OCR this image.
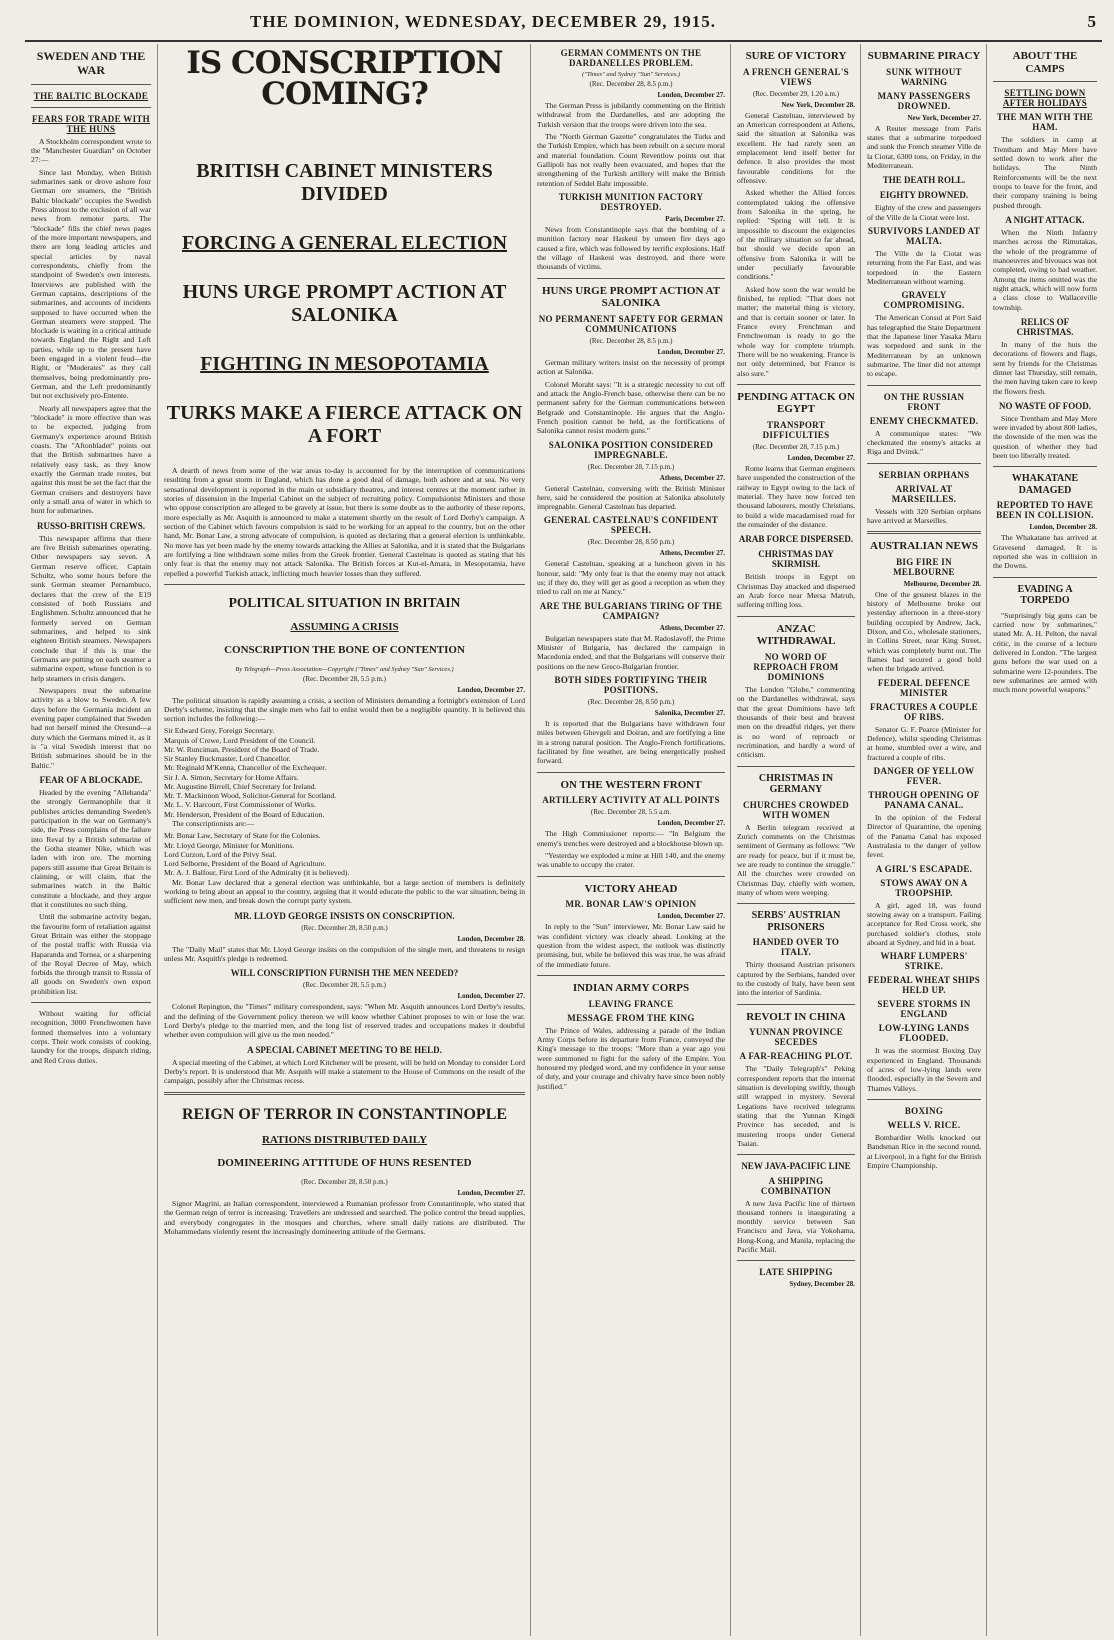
THE DOMINION, WEDNESDAY, DECEMBER 29, 1915.	5
SWEDEN AND THE WAR
THE BALTIC BLOCKADE
FEARS FOR TRADE WITH THE HUNS

A Stockholm correspondent wrote to the "Manchester Guardian" on October 27:—

Since last Monday, when British submarines sank or drove ashore four German ore steamers, the "British Baltic blockade" occupies the Swedish Press almost to the exclusion of all war news from remoter parts. The "blockade" fills the chief news pages of the more important newspapers, and there are long leading articles and special articles by naval correspondents, chiefly from the standpoint of Sweden's own interests. Interviews are published with the German captains, descriptions of the submarines, and accounts of incidents supposed to have occurred when the German steamers were stopped. The blockade is waiting in a critical attitude towards England the Right and Left parties, while up to the present have been engaged in a violent feud—the Right, or "Moderates" as they call themselves, being predominantly pro-German, and the Left predominantly but not exclusively pro-Entente.

Nearly all newspapers agree that the "blockade" is more effective than was to be expected, judging from Germany's experience around British coasts. The "Aftonbladet" points out that the British submarines have a relatively easy task, as they know exactly the German trade routes, but against this must be set the fact that the German cruisers and destroyers have only a small area of water in which to hunt for submarines.

RUSSO-BRITISH CREWS.

This newspaper affirms that there are five British submarines operating. Other newspapers say seven. A German reserve officer, Captain Schultz, who some hours before the sunk German steamer Pernambuco, declares that the crew of the E19 consisted of both Russians and Englishmen. Schultz announced that he formerly served on German submarines, and helped to sink eighteen British steamers. Newspapers conclude that if this is true the Germans are putting on each steamer a submarine expert, whose function is to help steamers in crisis dangers.

Newspapers treat the submarine activity as a blow to Sweden. A few days before the Germania incident an evening paper complained that Sweden had not herself mined the Oresund—a duty which the Germans mined it, as it is "a vital Swedish interest that no British submarines should be in the Baltic."

FEAR OF A BLOCKADE.

Headed by the evening "Allehanda" the strongly Germanophile that it publishes articles demanding Sweden's participation in the war on Germany's side, the Press complains of the failure into Reval by a British submarine of the Gotha steamer Nike, which was laden with iron ore. The morning papers still assume that Great Britain is claiming, or will claim, that the submarines watch in the Baltic constitute a blockade, and they argue that it constitutes no such thing.

Until the submarine activity began, the favourite form of retaliation against Great Britain was either the stoppage of the postal traffic with Russia via Haparanda and Tornea, or a sharpening of the Royal Decree of May, which forbids the through transit to Russia of all goods on Sweden's own export prohibition list.

Without waiting for official recognition, 3000 Frenchwomen have formed themselves into a voluntary corps. Their work consists of cooking, laundry for the troops, dispatch riding, and Red Cross duties.

IS CONSCRIPTION COMING?
BRITISH CABINET MINISTERS DIVIDED
FORCING A GENERAL ELECTION
HUNS URGE PROMPT ACTION AT SALONIKA
FIGHTING IN MESOPOTAMIA
TURKS MAKE A FIERCE ATTACK ON A FORT

A dearth of news from some of the war areas to-day is accounted for by the interruption of communications resulting from a great storm in England, which has done a good deal of damage, both ashore and at sea. No very sensational development is reported in the main or subsidiary theatres, and interest centres at the moment rather in stories of dissension in the Imperial Cabinet on the subject of recruiting policy. Compulsionist Ministers and those who oppose conscription are alleged to be gravely at issue, but there is some doubt as to the authority of these reports, more especially as Mr. Asquith is announced to make a statement shortly on the result of Lord Derby's campaign. A section of the Cabinet which favours compulsion is said to be working for an appeal to the country, but on the other hand, Mr. Bonar Law, a strong advocate of compulsion, is quoted as declaring that a general election is unthinkable. No move has yet been made by the enemy towards attacking the Allies at Salonika, and it is stated that the Bulgarians are fortifying a line withdrawn some miles from the Greek frontier. General Castelnau is quoted as stating that his only fear is that the enemy may not attack Salonika. The British forces at Kut-el-Amara, in Mesopotamia, have repelled a powerful Turkish attack, inflicting much heavier losses than they suffered.

POLITICAL SITUATION IN BRITAIN
ASSUMING A CRISIS
CONSCRIPTION THE BONE OF CONTENTION
By Telegraph—Press Association—Copyright ("Times" and Sydney "Sun" Services.)
(Rec. December 28, 5.5 p.m.)
London, December 27.

The political situation is rapidly assuming a crisis, a section of Ministers demanding a fortnight's extension of Lord Derby's scheme, insisting that the single men who fail to enlist would then be a negligible quantity. It is believed this section includes the following:—

Sir Edward Grey, Foreign Secretary.

Marquis of Crewe, Lord President of the Council.

Mr. W. Runciman, President of the Board of Trade.

Sir Stanley Buckmaster, Lord Chancellor.

Mr. Reginald M'Kenna, Chancellor of the Exchequer.

Sir J. A. Simon, Secretary for Home Affairs.

Mr. Augustine Birrell, Chief Secretary for Ireland.

Mr. T. Mackinnon Wood, Solicitor-General for Scotland.

Mr. L. V. Harcourt, First Commissioner of Works.

Mr. Henderson, President of the Board of Education.

The conscriptionists are:—

Mr. Bonar Law, Secretary of State for the Colonies.

Mr. Lloyd George, Minister for Munitions.

Lord Curzon, Lord of the Privy Seal.

Lord Selborne, President of the Board of Agriculture.

Mr. A. J. Balfour, First Lord of the Admiralty (it is believed).

Mr. Bonar Law declared that a general election was unthinkable, but a large section of members is definitely working to bring about an appeal to the country, arguing that it would educate the public to the war situation, being in sufficient new men, and break down the corrupt party system.

MR. LLOYD GEORGE INSISTS ON CONSCRIPTION.
(Rec. December 28, 8.50 p.m.)
London, December 28.

The "Daily Mail" states that Mr. Lloyd George insists on the compulsion of the single men, and threatens to resign unless Mr. Asquith's pledge is redeemed.

WILL CONSCRIPTION FURNISH THE MEN NEEDED?
(Rec. December 28, 5.5 p.m.)
London, December 27.

Colonel Repington, the "Times'" military correspondent, says: "When Mr. Asquith announces Lord Derby's results, and the defining of the Government policy thereon we will know whether Cabinet proposes to win or lose the war. Lord Derby's pledge to the married men, and the long list of reserved trades and occupations makes it doubtful whether even compulsion will give us the men needed."

A SPECIAL CABINET MEETING TO BE HELD.

A special meeting of the Cabinet, at which Lord Kitchener will be present, will be held on Monday to consider Lord Derby's report. It is understood that Mr. Asquith will make a statement to the House of Commons on the result of the campaign, possibly after the Christmas recess.

REIGN OF TERROR IN CONSTANTINOPLE
RATIONS DISTRIBUTED DAILY
DOMINEERING ATTITUDE OF HUNS RESENTED
(Rec. December 28, 8.50 p.m.)
London, December 27.

Signor Magrini, an Italian correspondent, interviewed a Rumanian professor from Constantinople, who stated that the German reign of terror is increasing. Travellers are undressed and searched. The police control the bread supplies, and everybody congregates in the mosques and churches, where small daily rations are distributed. The Mohammedans violently resent the increasingly domineering attitude of the Germans.

GERMAN COMMENTS ON THE DARDANELLES PROBLEM.
("Times" and Sydney "Sun" Services.)
(Rec. December 28, 8.5 p.m.)
London, December 27.

The German Press is jubilantly commenting on the British withdrawal from the Dardanelles, and are adopting the Turkish version that the troops were driven into the sea.

The "North German Gazette" congratulates the Turks and the Turkish Empire, which has been rebuilt on a secure moral and material foundation. Count Reventlow points out that Gallipoli has not really been evacuated, and hopes that the strengthening of the Turkish artillery will make the British retention of Seddel Bahr impossible.

TURKISH MUNITION FACTORY DESTROYED.
Paris, December 27.

News from Constantinople says that the bombing of a munition factory near Haskeui by unseen fire days ago caused a fire, which was followed by terrific explosions. Half the village of Haskeui was destroyed, and there were thousands of victims.

HUNS URGE PROMPT ACTION AT SALONIKA
NO PERMANENT SAFETY FOR GERMAN COMMUNICATIONS
(Rec. December 28, 8.5 p.m.)
London, December 27.

German military writers insist on the necessity of prompt action at Salonika.

Colonel Moraht says: "It is a strategic necessity to cut off and attack the Anglo-French base, otherwise there can be no permanent safety for the German communications between Belgrade and Constantinople. He argues that the Anglo-French position cannot be held, as the fortifications of Salonika cannot resist modern guns."

SALONIKA POSITION CONSIDERED IMPREGNABLE.
(Rec. December 28, 7.15 p.m.)
Athens, December 27.

General Castelnau, conversing with the British Minister here, said he considered the position at Salonika absolutely impregnable. General Castelnau has departed.

GENERAL CASTELNAU'S CONFIDENT SPEECH.
(Rec. December 28, 8.50 p.m.)
Athens, December 27.

General Castelnau, speaking at a luncheon given in his honour, said: "My only fear is that the enemy may not attack us; if they do, they will get as good a reception as when they tried to call on me at Nancy."

ARE THE BULGARIANS TIRING OF THE CAMPAIGN?
Athens, December 27.

Bulgarian newspapers state that M. Radoslavoff, the Prime Minister of Bulgaria, has declared the campaign in Macedonia ended, and that the Bulgarians will conserve their positions on the new Greco-Bulgarian frontier.

BOTH SIDES FORTIFYING THEIR POSITIONS.
(Rec. December 28, 8.50 p.m.)
Salonika, December 27.

It is reported that the Bulgarians have withdrawn four miles between Ghevgeli and Doiran, and are fortifying a line in a strong natural position. The Anglo-French fortifications, facilitated by fine weather, are being energetically pushed forward.

ON THE WESTERN FRONT
ARTILLERY ACTIVITY AT ALL POINTS
(Rec. December 28, 5.5 a.m.
London, December 27.

The High Commissioner reports:— "In Belgium the enemy's trenches were destroyed and a blockhouse blown up.

"Yesterday we exploded a mine at Hill 140, and the enemy was unable to occupy the crater.

VICTORY AHEAD
MR. BONAR LAW'S OPINION
London, December 27.

In reply to the "Sun" interviewer, Mr. Bonar Law said he was confident victory was clearly ahead. Looking at the question from the widest aspect, the outlook was distinctly promising, but, while he believed this was true, he was afraid of the immediate future.

INDIAN ARMY CORPS
LEAVING FRANCE
MESSAGE FROM THE KING

The Prince of Wales, addressing a parade of the Indian Army Corps before its departure from France, conveyed the King's message to the troops: "More than a year ago you were summoned to fight for the safety of the Empire. You honoured my pledged word, and my confidence in your sense of duty, and your courage and chivalry have since been nobly justified."

SURE OF VICTORY
A FRENCH GENERAL'S VIEWS
(Rec. December 29, 1.20 a.m.)
New York, December 28.

General Castelnau, interviewed by an American correspondent at Athens, said the situation at Salonika was excellent. He had rarely seen an emplacement lend itself better for defence. It also provides the most favourable conditions for the offensive.

Asked whether the Allied forces contemplated taking the offensive from Salonika in the spring, he replied: "Spring will tell. It is impossible to discount the exigencies of the military situation so far ahead, but should we decide upon an offensive from Salonika it will be under peculiarly favourable conditions."

Asked how soon the war would be finished, he replied: "That does not matter; the material thing is victory, and that is certain sooner or later. In France every Frenchman and Frenchwoman is ready to go the whole way for complete triumph. There will be no weakening. France is not only determined, but France is also sure."

PENDING ATTACK ON EGYPT
TRANSPORT DIFFICULTIES
(Rec. December 28, 7.15 p.m.)
London, December 27.

Rome learns that German engineers have suspended the construction of the railway to Egypt owing to the lack of material. They have now forced ten thousand labourers, mostly Christians, to build a wide macadamised road for the remainder of the distance.

ARAB FORCE DISPERSED.
CHRISTMAS DAY SKIRMISH.

British troops in Egypt on Christmas Day attacked and dispersed an Arab force near Mersa Matruh, suffering trifling loss.

ANZAC WITHDRAWAL
NO WORD OF REPROACH FROM DOMINIONS

The London "Globe," commenting on the Dardanelles withdrawal, says that the great Dominions have left thousands of their best and bravest men on the dreadful ridges, yet there is no word of reproach or recrimination, and hardly a word of criticism.

CHRISTMAS IN GERMANY
CHURCHES CROWDED WITH WOMEN

A Berlin telegram received at Zurich comments on the Christmas sentiment of Germany as follows: "We are ready for peace, but if it must be, we are ready to continue the struggle." All the churches were crowded on Christmas Day, chiefly with women, many of whom were weeping.

SERBS' AUSTRIAN PRISONERS
HANDED OVER TO ITALY.

Thirty thousand Austrian prisoners captured by the Serbians, handed over to the custody of Italy, have been sent into the interior of Sardinia.

REVOLT IN CHINA
YUNNAN PROVINCE SECEDES
A FAR-REACHING PLOT.

The "Daily Telegraph's" Peking correspondent reports that the internal situation is developing swiftly, though still wrapped in mystery. Several Legations have received telegrams stating that the Yunnan Kingdi Province has seceded, and is mustering troops under General Tsaian.

NEW JAVA-PACIFIC LINE
A SHIPPING COMBINATION

A new Java Pacific line of thirteen thousand tonners is inaugurating a monthly service between San Francisco and Java, via Yokohama, Hong-Kong, and Manila, replacing the Pacific Mail.

LATE SHIPPING
Sydney, December 28.
SUBMARINE PIRACY
SUNK WITHOUT WARNING
MANY PASSENGERS DROWNED.
New York, December 27.

A Reuter message from Paris states that a submarine torpedoed and sunk the French steamer Ville de la Ciotat, 6300 tons, on Friday, in the Mediterranean.

THE DEATH ROLL.
EIGHTY DROWNED.

Eighty of the crew and passengers of the Ville de la Ciotat were lost.

SURVIVORS LANDED AT MALTA.

The Ville de la Ciotat was returning from the Far East, and was torpedoed in the Eastern Mediterranean without warning.

GRAVELY COMPROMISING.

The American Consul at Port Said has telegraphed the State Department that the Japanese liner Yasaka Maru was torpedoed and sunk in the Mediterranean by an unknown submarine. The liner did not attempt to escape.

ON THE RUSSIAN FRONT
ENEMY CHECKMATED.

A communique states: "We checkmated the enemy's attacks at Riga and Dvinsk."

SERBIAN ORPHANS
ARRIVAL AT MARSEILLES.

Vessels with 320 Serbian orphans have arrived at Marseilles.

AUSTRALIAN NEWS
BIG FIRE IN MELBOURNE
Melbourne, December 28.

One of the greatest blazes in the history of Melbourne broke out yesterday afternoon in a three-story building occupied by Andrew, Jack, Dixon, and Co., wholesale stationers, in Collins Street, near King Street, which was completely burnt out. The flames had secured a good hold when the brigade arrived.

FEDERAL DEFENCE MINISTER
FRACTURES A COUPLE OF RIBS.

Senator G. F. Pearce (Minister for Defence), whilst spending Christmas at home, stumbled over a wire, and fractured a couple of ribs.

DANGER OF YELLOW FEVER.
THROUGH OPENING OF PANAMA CANAL.

In the opinion of the Federal Director of Quarantine, the opening of the Panama Canal has exposed Australasia to the danger of yellow fever.

A GIRL'S ESCAPADE.
STOWS AWAY ON A TROOPSHIP.

A girl, aged 18, was found stowing away on a transport. Failing acceptance for Red Cross work, she purchased soldier's clothes, stole aboard at Sydney, and hid in a boat.

WHARF LUMPERS' STRIKE.
FEDERAL WHEAT SHIPS HELD UP.
SEVERE STORMS IN ENGLAND
LOW-LYING LANDS FLOODED.

It was the stormiest Boxing Day experienced in England. Thousands of acres of low-lying lands were flooded, especially in the Severn and Thames Valleys.

BOXING
WELLS V. RICE.

Bombardier Wells knocked out Bandsman Rice in the second round, at Liverpool, in a fight for the British Empire Championship.

ABOUT THE CAMPS
SETTLING DOWN AFTER HOLIDAYS
THE MAN WITH THE HAM.

The soldiers in camp at Trentham and May Mere have settled down to work after the holidays. The Ninth Reinforcements will be the next troops to leave for the front, and their company training is being pushed through.

A NIGHT ATTACK.

When the Ninth Infantry marches across the Rimutakas, the whole of the programme of manoeuvres and bivouacs was not completed, owing to bad weather. Among the items omitted was the night attack, which will now form a class close to Wallaceville township.

RELICS OF CHRISTMAS.

In many of the huts the decorations of flowers and flags, sent by friends for the Christmas dinner last Thursday, still remain, the men having taken care to keep the flowers fresh.

NO WASTE OF FOOD.

Since Trentham and May Mere were invaded by about 800 ladies, the downside of the men was the question of whether they had been too liberally treated.

WHAKATANE DAMAGED
REPORTED TO HAVE BEEN IN COLLISION.
London, December 28.

The Whakatane has arrived at Gravesend damaged. It is reported she was in collision in the Downs.

EVADING A TORPEDO

"Surprisingly big guns can be carried now by submarines," stated Mr. A. H. Pelton, the naval critic, in the course of a lecture delivered in London. "The largest guns before the war used on a submarine were 12-pounders. The new submarines are armed with much more powerful weapons."
